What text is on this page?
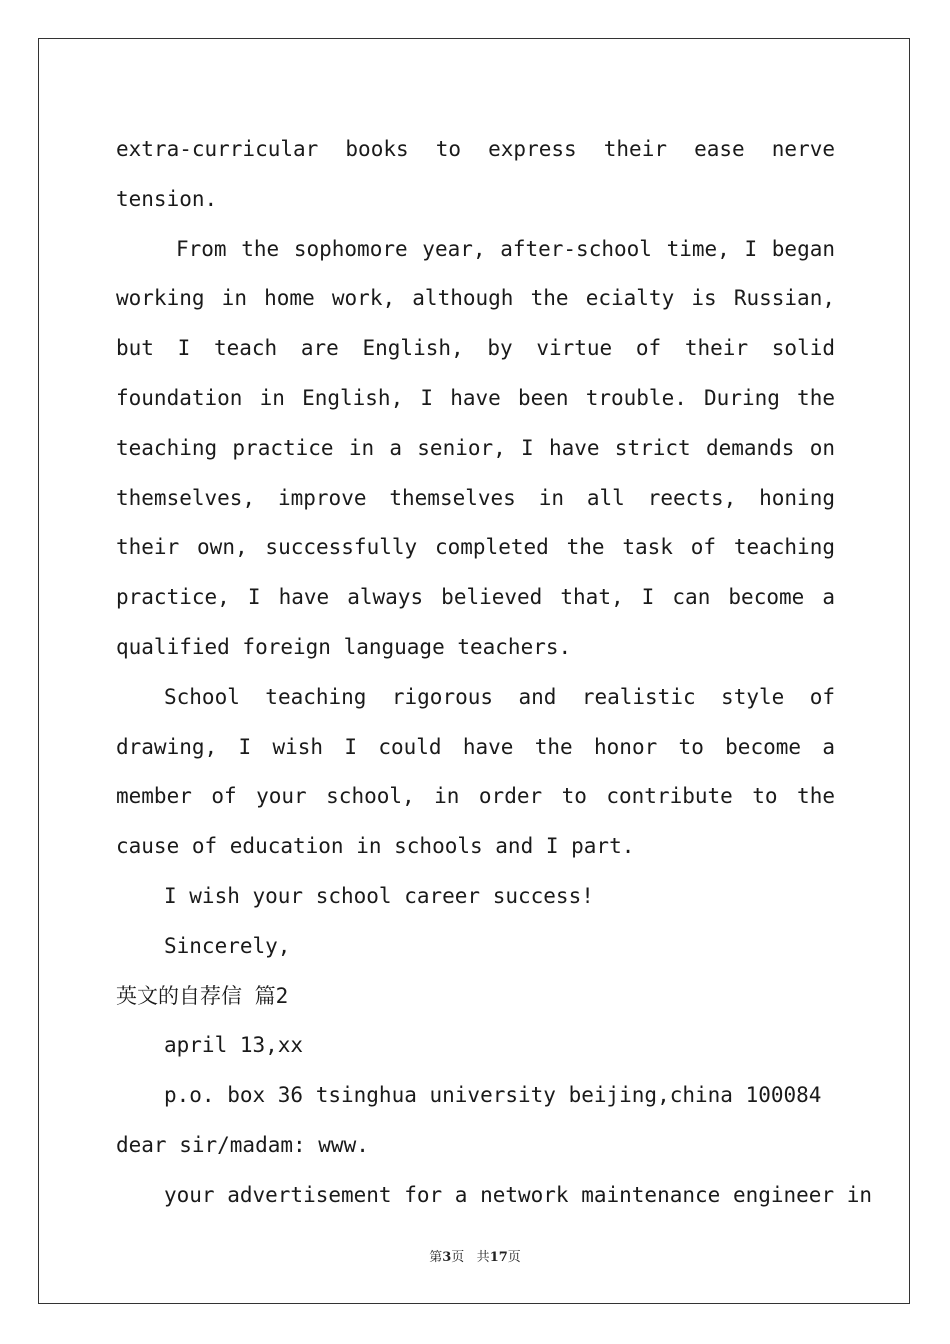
extra-curricular books to express their ease nerve tension.

From the sophomore year, after-school time, I began working in home work, although the ecialty is Russian, but I teach are English, by virtue of their solid foundation in English, I have been trouble. During the teaching practice in a senior, I have strict demands on themselves, improve themselves in all reects, honing their own, successfully completed the task of teaching practice, I have always believed that, I can become a qualified foreign language teachers.

School teaching rigorous and realistic style of drawing, I wish I could have the honor to become a member of your school, in order to contribute to the cause of education in schools and I part.

I wish your school career success!

Sincerely,

英文的自荐信 篇2

april 13,xx

p.o. box 36 tsinghua university beijing,china 100084

dear sir/madam: www.

your advertisement for a network maintenance engineer in

第3页 共17页
